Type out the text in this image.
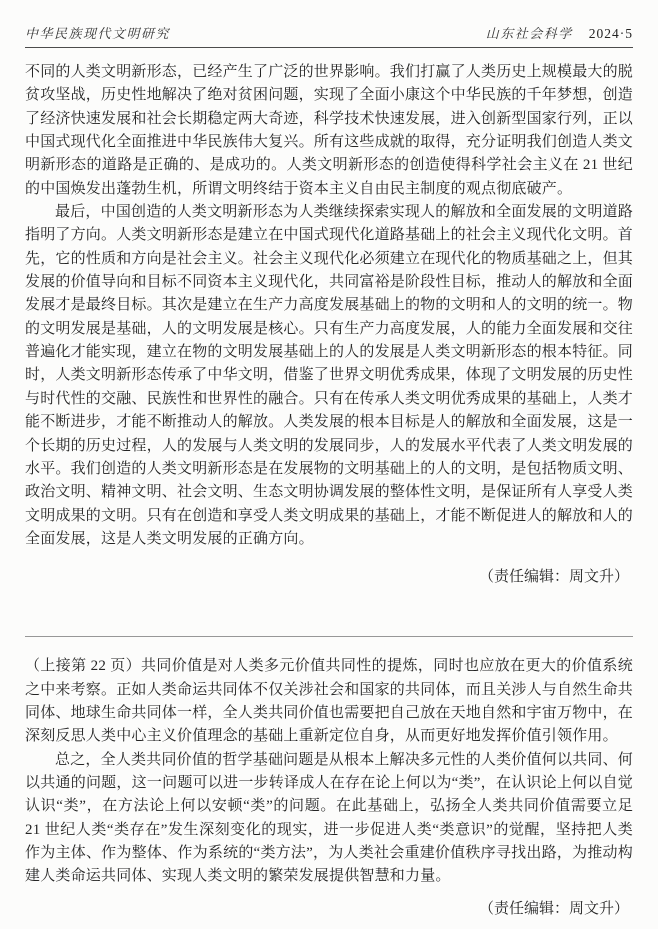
中华民族现代文明研究	山东社会科学 2024·5

不同的人类文明新形态，已经产生了广泛的世界影响。我们打赢了人类历史上规模最大的脱贫攻坚战，历史性地解决了绝对贫困问题，实现了全面小康这个中华民族的千年梦想，创造了经济快速发展和社会长期稳定两大奇迹，科学技术快速发展，进入创新型国家行列，正以中国式现代化全面推进中华民族伟大复兴。所有这些成就的取得，充分证明我们创造人类文明新形态的道路是正确的、是成功的。人类文明新形态的创造使得科学社会主义在 21 世纪的中国焕发出蓬勃生机，所谓文明终结于资本主义自由民主制度的观点彻底破产。

最后，中国创造的人类文明新形态为人类继续探索实现人的解放和全面发展的文明道路指明了方向。人类文明新形态是建立在中国式现代化道路基础上的社会主义现代化文明。首先，它的性质和方向是社会主义。社会主义现代化必须建立在现代化的物质基础之上，但其发展的价值导向和目标不同资本主义现代化，共同富裕是阶段性目标，推动人的解放和全面发展才是最终目标。其次是建立在生产力高度发展基础上的物的文明和人的文明的统一。物的文明发展是基础，人的文明发展是核心。只有生产力高度发展，人的能力全面发展和交往普遍化才能实现，建立在物的文明发展基础上的人的发展是人类文明新形态的根本特征。同时，人类文明新形态传承了中华文明，借鉴了世界文明优秀成果，体现了文明发展的历史性与时代性的交融、民族性和世界性的融合。只有在传承人类文明优秀成果的基础上，人类才能不断进步，才能不断推动人的解放。人类发展的根本目标是人的解放和全面发展，这是一个长期的历史过程，人的发展与人类文明的发展同步，人的发展水平代表了人类文明发展的水平。我们创造的人类文明新形态是在发展物的文明基础上的人的文明，是包括物质文明、政治文明、精神文明、社会文明、生态文明协调发展的整体性文明，是保证所有人享受人类文明成果的文明。只有在创造和享受人类文明成果的基础上，才能不断促进人的解放和人的全面发展，这是人类文明发展的正确方向。

（责任编辑：周文升）

（上接第 22 页）共同价值是对人类多元价值共同性的提炼，同时也应放在更大的价值系统之中来考察。正如人类命运共同体不仅关涉社会和国家的共同体，而且关涉人与自然生命共同体、地球生命共同体一样，全人类共同价值也需要把自己放在天地自然和宇宙万物中，在深刻反思人类中心主义价值理念的基础上重新定位自身，从而更好地发挥价值引领作用。

总之，全人类共同价值的哲学基础问题是从根本上解决多元性的人类价值何以共同、何以共通的问题，这一问题可以进一步转译成人在存在论上何以为“类”，在认识论上何以自觉认识“类”，在方法论上何以安顿“类”的问题。在此基础上，弘扬全人类共同价值需要立足 21 世纪人类“类存在”发生深刻变化的现实，进一步促进人类“类意识”的觉醒，坚持把人类作为主体、作为整体、作为系统的“类方法”，为人类社会重建价值秩序寻找出路，为推动构建人类命运共同体、实现人类文明的繁荣发展提供智慧和力量。

（责任编辑：周文升）
